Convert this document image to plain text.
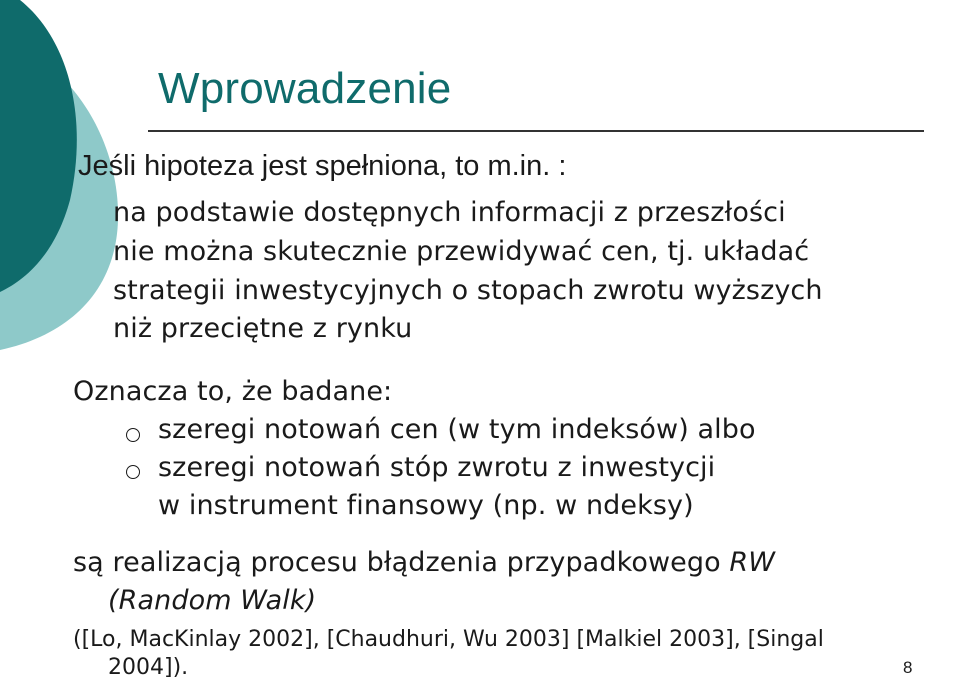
Wprowadzenie
Jeśli hipoteza jest spełniona, to m.in. :
na podstawie dostępnych informacji z przeszłości
nie można skutecznie przewidywać cen, tj. układać
strategii inwestycyjnych o stopach zwrotu wyższych
niż przeciętne z rynku
Oznacza to, że badane:
szeregi notowań cen (w tym indeksów) albo
szeregi notowań stóp zwrotu z inwestycji
w instrument finansowy (np. w ndeksy)
są realizacją procesu błądzenia przypadkowego RW
(Random Walk)
([Lo, MacKinlay 2002], [Chaudhuri, Wu 2003] [Malkiel 2003], [Singal
2004]).	8
